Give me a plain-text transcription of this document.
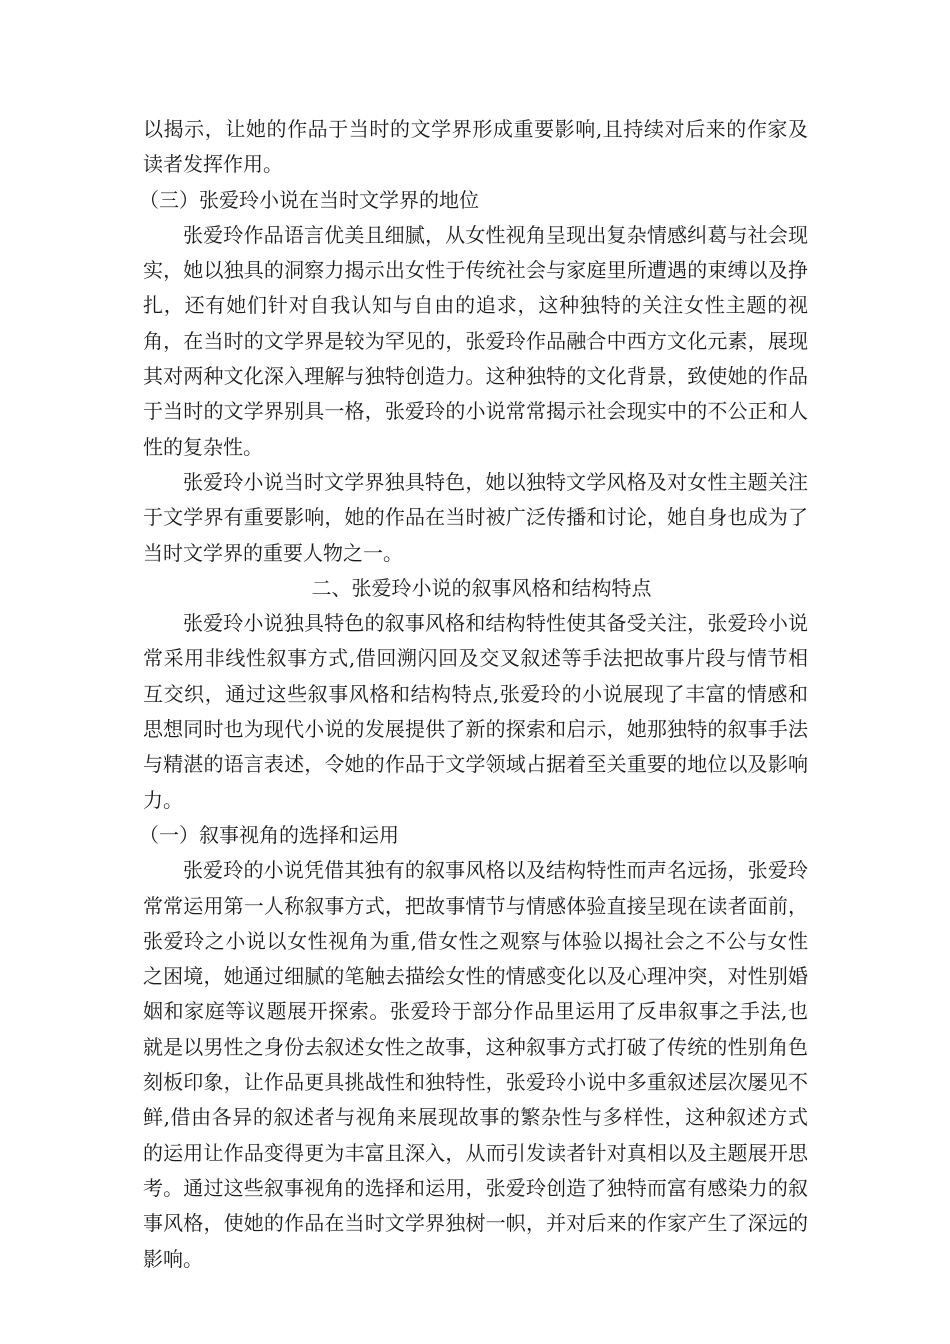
以揭示，让她的作品于当时的文学界形成重要影响,且持续对后来的作家及读者发挥作用。

（三）张爱玲小说在当时文学界的地位

张爱玲作品语言优美且细腻，从女性视角呈现出复杂情感纠葛与社会现实，她以独具的洞察力揭示出女性于传统社会与家庭里所遭遇的束缚以及挣扎，还有她们针对自我认知与自由的追求，这种独特的关注女性主题的视角，在当时的文学界是较为罕见的，张爱玲作品融合中西方文化元素，展现其对两种文化深入理解与独特创造力。这种独特的文化背景，致使她的作品于当时的文学界别具一格，张爱玲的小说常常揭示社会现实中的不公正和人性的复杂性。

张爱玲小说当时文学界独具特色，她以独特文学风格及对女性主题关注于文学界有重要影响，她的作品在当时被广泛传播和讨论，她自身也成为了当时文学界的重要人物之一。

二、张爱玲小说的叙事风格和结构特点

张爱玲小说独具特色的叙事风格和结构特性使其备受关注，张爱玲小说常采用非线性叙事方式,借回溯闪回及交叉叙述等手法把故事片段与情节相互交织，通过这些叙事风格和结构特点,张爱玲的小说展现了丰富的情感和思想同时也为现代小说的发展提供了新的探索和启示，她那独特的叙事手法与精湛的语言表述，令她的作品于文学领域占据着至关重要的地位以及影响力。

（一）叙事视角的选择和运用

张爱玲的小说凭借其独有的叙事风格以及结构特性而声名远扬，张爱玲常常运用第一人称叙事方式，把故事情节与情感体验直接呈现在读者面前，张爱玲之小说以女性视角为重,借女性之观察与体验以揭社会之不公与女性之困境，她通过细腻的笔触去描绘女性的情感变化以及心理冲突，对性别婚姻和家庭等议题展开探索。张爱玲于部分作品里运用了反串叙事之手法,也就是以男性之身份去叙述女性之故事，这种叙事方式打破了传统的性别角色刻板印象，让作品更具挑战性和独特性，张爱玲小说中多重叙述层次屡见不鲜,借由各异的叙述者与视角来展现故事的繁杂性与多样性，这种叙述方式的运用让作品变得更为丰富且深入，从而引发读者针对真相以及主题展开思考。通过这些叙事视角的选择和运用，张爱玲创造了独特而富有感染力的叙事风格，使她的作品在当时文学界独树一帜，并对后来的作家产生了深远的影响。
